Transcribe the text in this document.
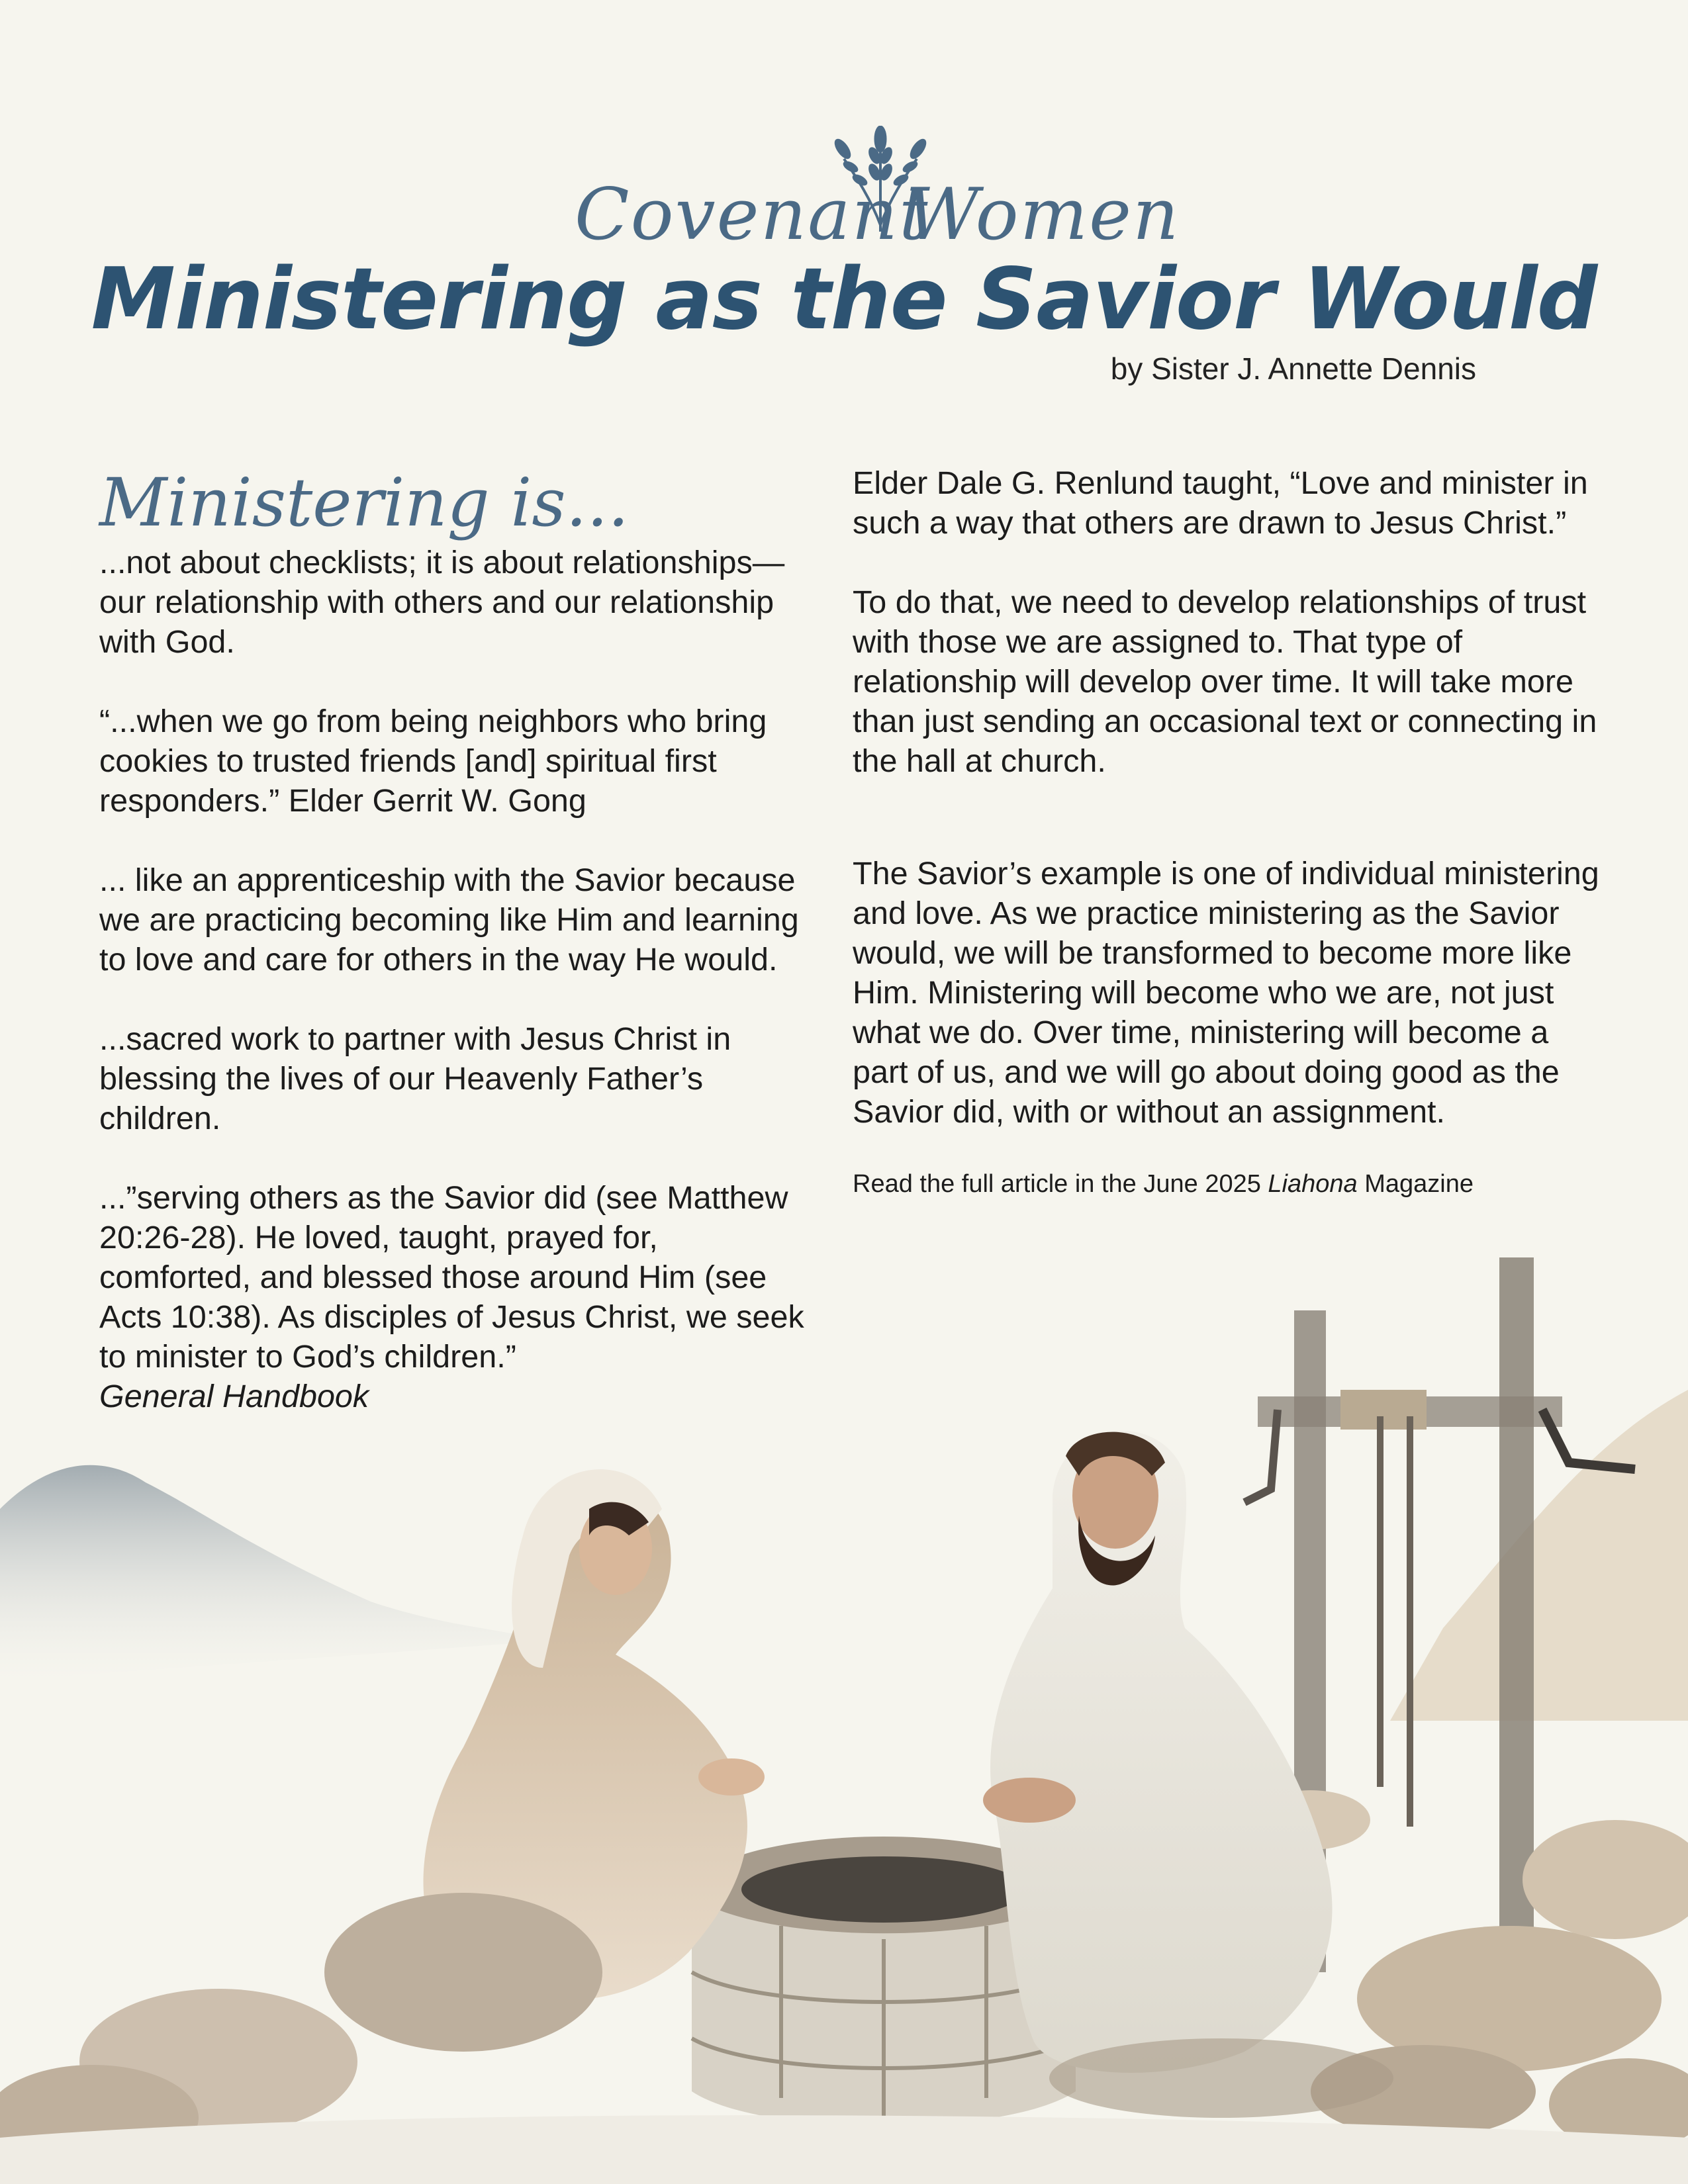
Covenant
Women
Ministering as the Savior Would
by Sister J. Annette Dennis
Ministering is...

...not about checklists; it is about relationships—our relationship with others and our relationship with God.

“...when we go from being neighbors who bring cookies to trusted friends [and] spiritual first responders.” Elder Gerrit W. Gong

... like an apprenticeship with the Savior because we are practicing becoming like Him and learning to love and care for others in the way He would.

...sacred work to partner with Jesus Christ in blessing the lives of our Heavenly Father’s children.

...”serving others as the Savior did (see Matthew 20:26-28). He loved, taught, prayed for, comforted, and blessed those around Him (see Acts 10:38). As disciples of Jesus Christ, we seek to minister to God’s children.”

General Handbook

Elder Dale G. Renlund taught, “Love and minister in such a way that others are drawn to Jesus Christ.”

To do that, we need to develop relationships of trust with those we are assigned to. That type of relationship will develop over time. It will take more than just sending an occasional text or connecting in the hall at church.

The Savior’s example is one of individual ministering and love. As we practice ministering as the Savior would, we will be transformed to become more like Him. Ministering will become who we are, not just what we do. Over time, ministering will become a part of us, and we will go about doing good as the Savior did, with or without an assignment.

Read the full article in the June 2025 Liahona Magazine
